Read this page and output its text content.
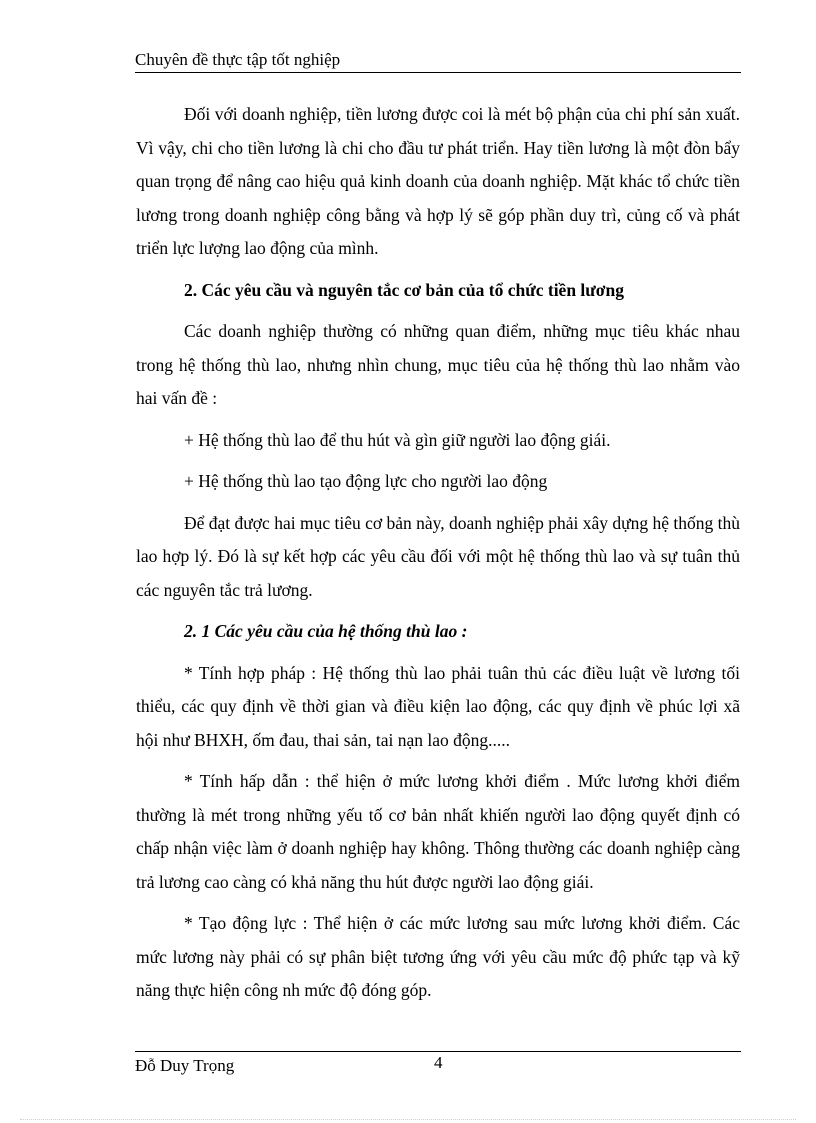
Chuyên đề thực tập tốt nghiệp

Đối với doanh nghiệp, tiền lương được coi là mét bộ phận của chi phí sản xuất. Vì vậy, chi cho tiền lương là chi cho đầu tư phát triển. Hay tiền lương là một đòn bẩy quan trọng để nâng cao hiệu quả kinh doanh của doanh nghiệp. Mặt khác tổ chức tiền lương trong doanh nghiệp công bằng và hợp lý sẽ góp phần duy trì, củng cố và phát triển lực lượng lao động của mình.

2. Các yêu cầu và nguyên tắc cơ bản của tổ chức tiền lương

Các doanh nghiệp thường có những quan điểm, những mục tiêu khác nhau trong hệ thống thù lao, nhưng nhìn chung, mục tiêu của hệ thống thù lao nhằm vào hai vấn đề :

+ Hệ thống thù lao để thu hút và gìn giữ người lao động giái.

+ Hệ thống thù lao tạo động lực cho người lao động

Để đạt được hai mục tiêu cơ bản này, doanh nghiệp phải xây dựng hệ thống thù lao hợp lý. Đó là sự kết hợp các yêu cầu đối với một hệ thống thù lao và sự tuân thủ các nguyên tắc trả lương.

2. 1 Các yêu cầu của hệ thống thù lao :

* Tính hợp pháp : Hệ thống thù lao phải tuân thủ các điều luật về lương tối thiểu, các quy định về thời gian và điều kiện lao động, các quy định về phúc lợi xã hội như BHXH, ốm đau, thai sản, tai nạn lao động.....

* Tính hấp dẫn : thể hiện ở mức lương khởi điểm . Mức lương khởi điểm thường là mét trong những yếu tố cơ bản nhất khiến người lao động quyết định có chấp nhận việc làm ở doanh nghiệp hay không. Thông thường các doanh nghiệp càng trả lương cao càng có khả năng thu hút được người lao động giái.

* Tạo động lực : Thể hiện ở các mức lương sau mức lương khởi điểm. Các mức lương này phải có sự phân biệt tương ứng với yêu cầu mức độ phức tạp và kỹ năng thực hiện công nh mức độ đóng góp.

Đỗ Duy Trọng	4
